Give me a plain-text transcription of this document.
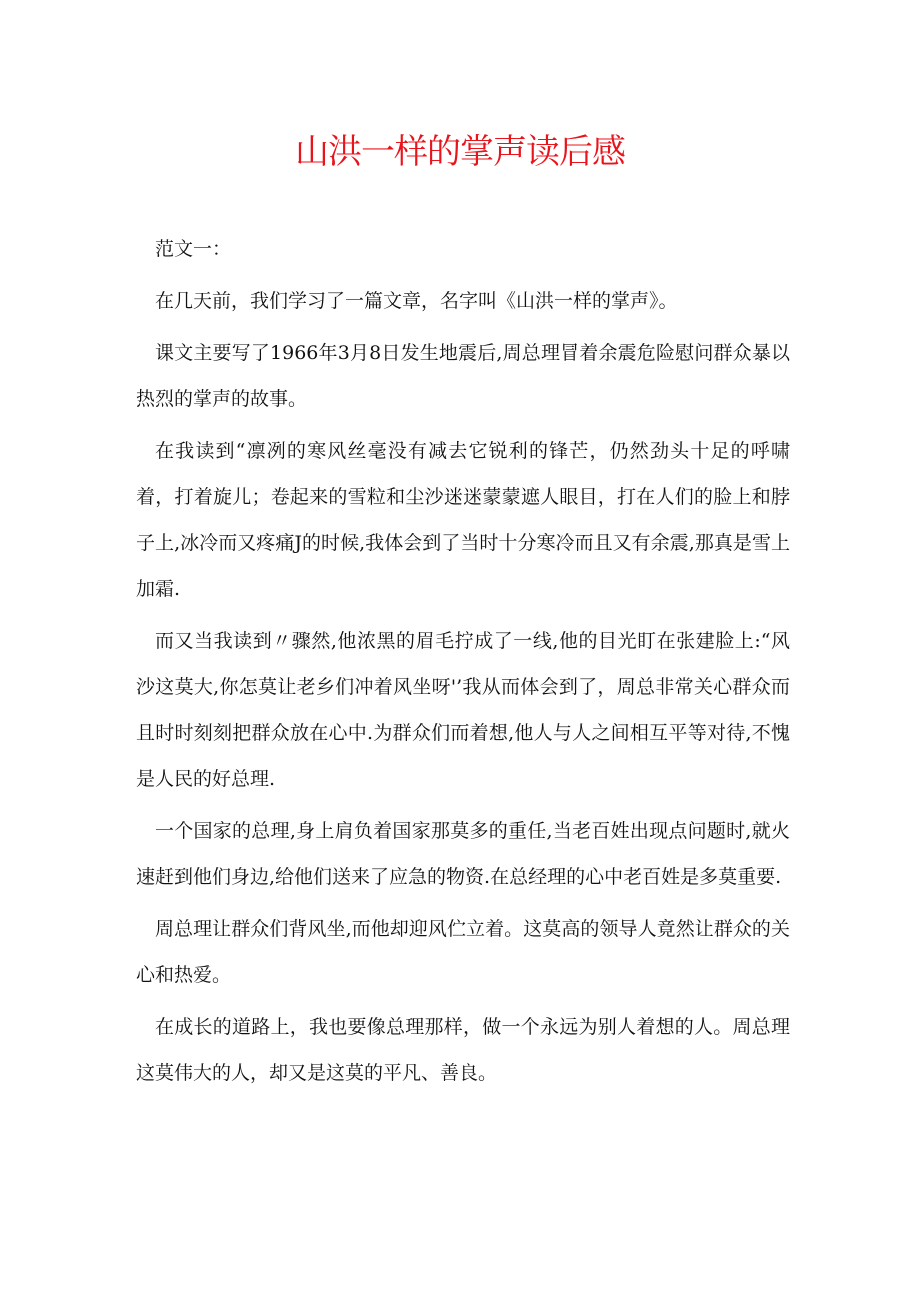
山洪一样的掌声读后感

范文一：

在几天前，我们学习了一篇文章，名字叫《山洪一样的掌声》。

课文主要写了1966年3月8日发生地震后,周总理冒着余震危险慰问群众暴以热烈的掌声的故事。

在我读到“凛冽的寒风丝毫没有减去它锐利的锋芒，仍然劲头十足的呼啸着，打着旋儿；卷起来的雪粒和尘沙迷迷蒙蒙遮人眼目，打在人们的脸上和脖子上,冰冷而又疼痛J的时候,我体会到了当时十分寒冷而且又有余震,那真是雪上加霜.

而又当我读到〃骤然,他浓黑的眉毛拧成了一线,他的目光盯在张建脸上:“风沙这莫大,你怎莫让老乡们冲着风坐呀'’我从而体会到了，周总非常关心群众而且时时刻刻把群众放在心中.为群众们而着想,他人与人之间相互平等对待,不愧是人民的好总理.

一个国家的总理,身上肩负着国家那莫多的重任,当老百姓出现点问题时,就火速赶到他们身边,给他们送来了应急的物资.在总经理的心中老百姓是多莫重要.

周总理让群众们背风坐,而他却迎风伫立着。这莫高的领导人竟然让群众的关心和热爱。

在成长的道路上，我也要像总理那样，做一个永远为别人着想的人。周总理这莫伟大的人，却又是这莫的平凡、善良。
